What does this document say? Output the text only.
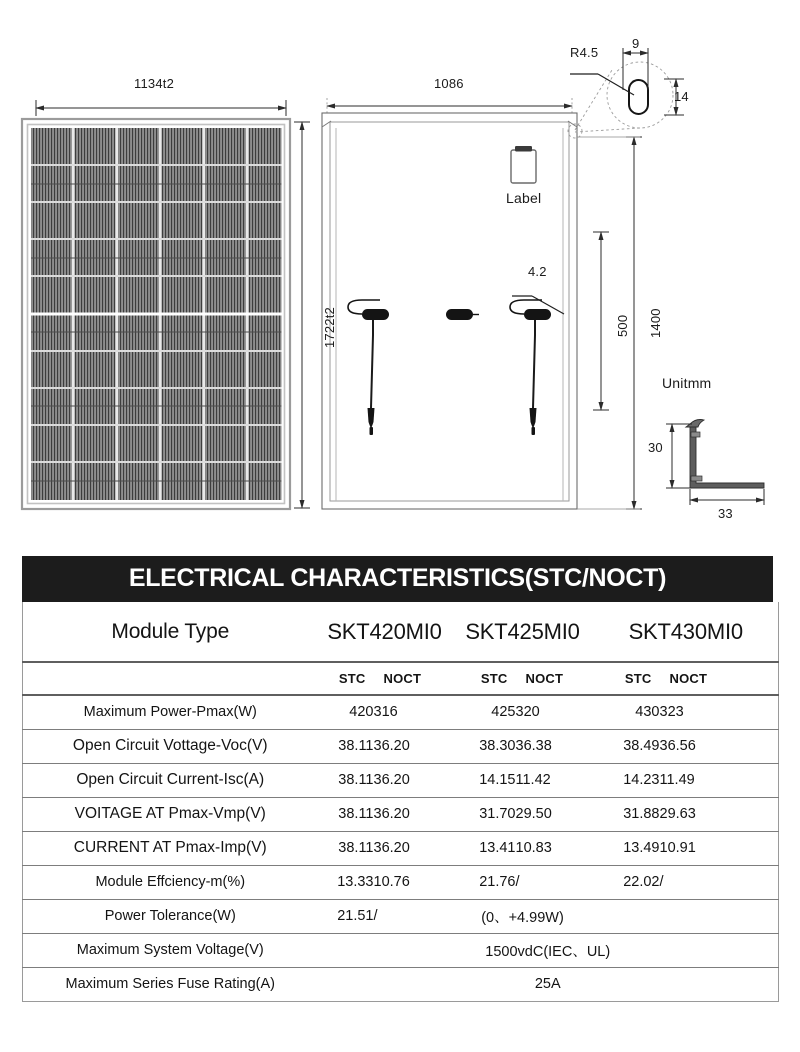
1134t2
1722t2
1086
Label
4.2
500 1400
R4.5
9
14
Unitmm
30
33
ELECTRICAL CHARACTERISTICS(STC/NOCT)
Module Type	SKT420MI0		SKT425MI0		SKT430MI0	
	STC	NOCT	STC	NOCT	STC	NOCT
Maximum Power-Pmax(W)	420	316	425	320	430	323
Open Circuit Vottage-Voc(V)	38.11	36.20	38.30	36.38	38.49	36.56
Open Circuit Current-Isc(A)	38.11	36.20	14.15	11.42	14.23	11.49
VOITAGE AT Pmax-Vmp(V)	38.11	36.20	31.70	29.50	31.88	29.63
CURRENT AT Pmax-Imp(V)	38.11	36.20	13.41	10.83	13.49	10.91
Module Effciency-m(%)	13.33	10.76	21.76	/	22.02	/
Power Tolerance(W)	21.51	/	(0、+4.99W)			
Maximum System Voltage(V)	1500vdC(IEC、UL)					
Maximum Series Fuse Rating(A)	25A					
